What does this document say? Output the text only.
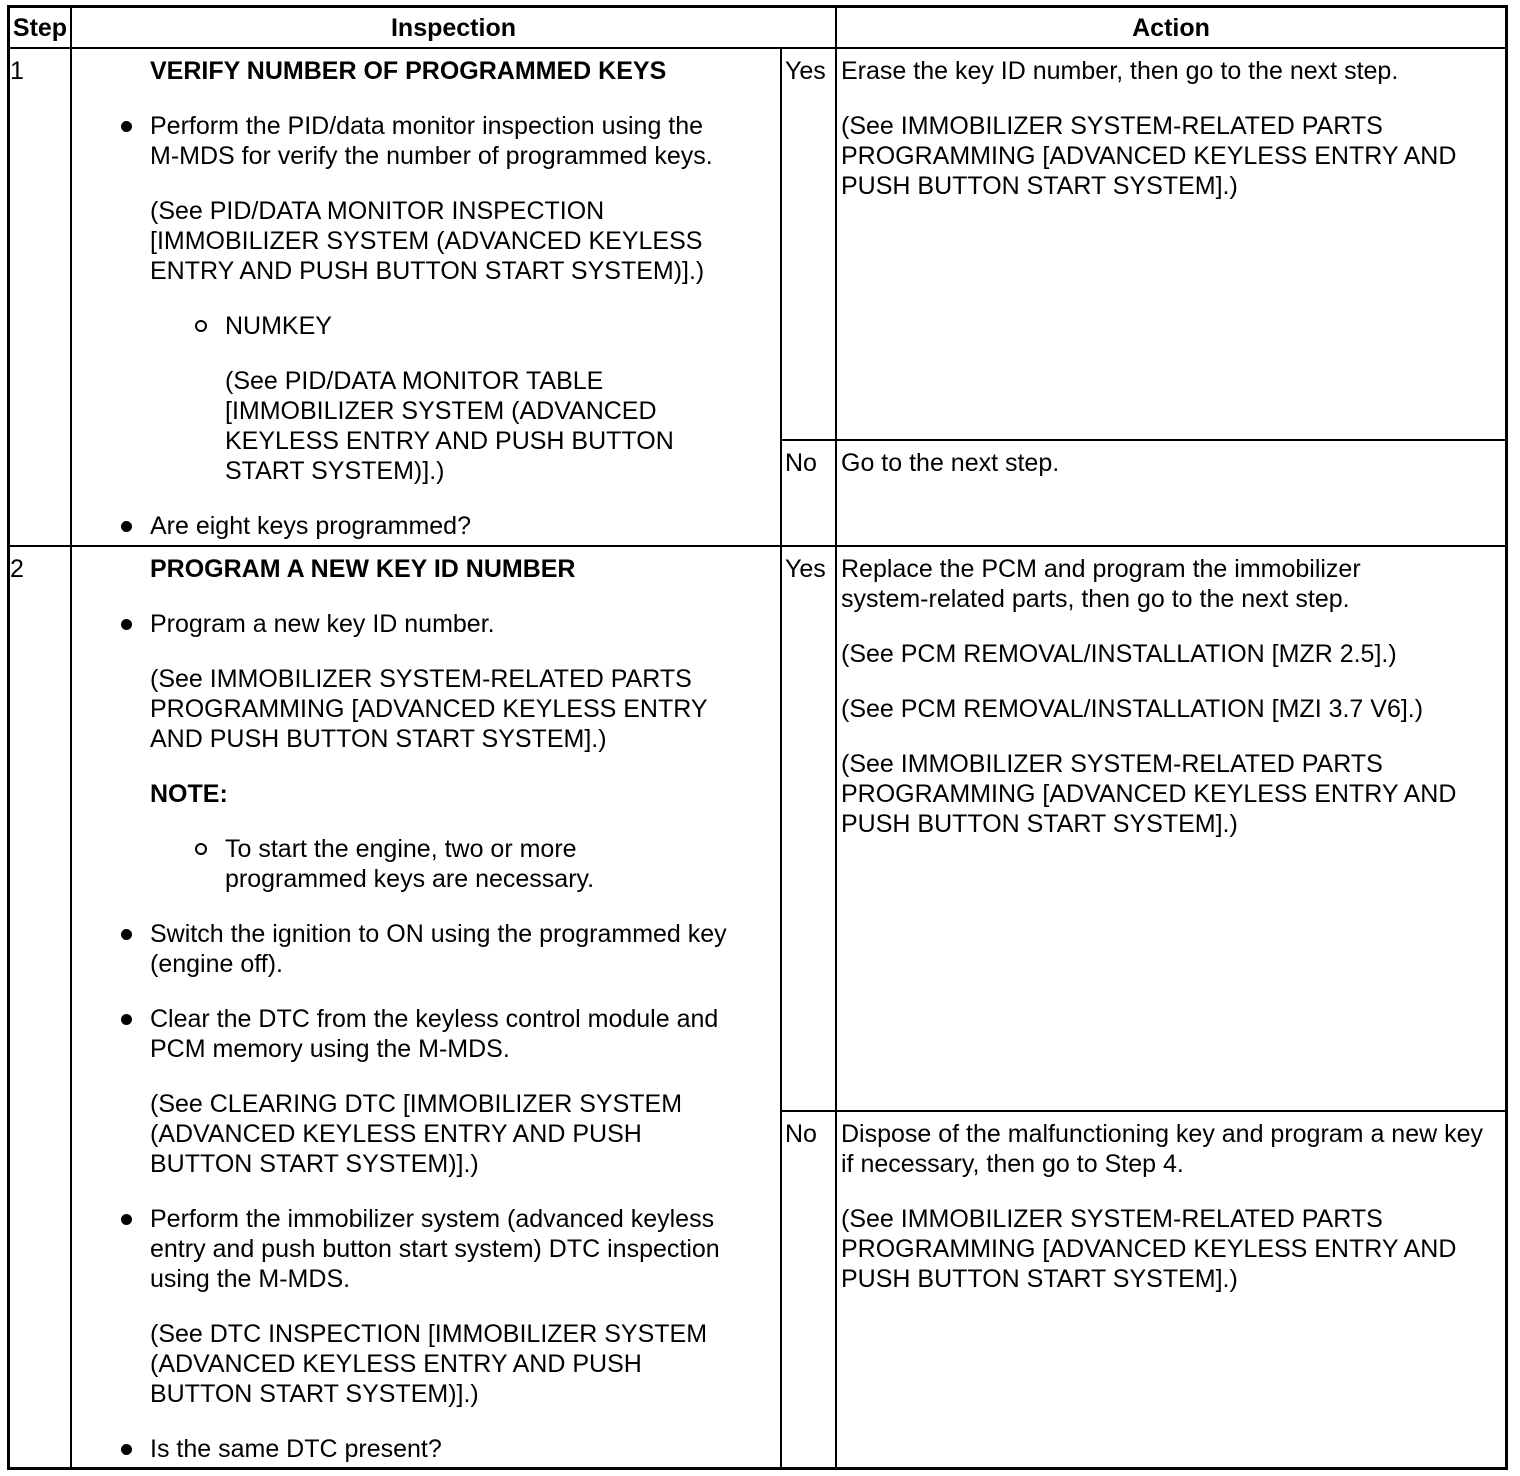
Step	Inspection	Action
1	VERIFY NUMBER OF PROGRAMMED KEYS
Perform the PID/data monitor inspection using the
M-MDS for verify the number of programmed keys.
(See PID/DATA MONITOR INSPECTION
[IMMOBILIZER SYSTEM (ADVANCED KEYLESS
ENTRY AND PUSH BUTTON START SYSTEM)].)
NUMKEY
(See PID/DATA MONITOR TABLE
[IMMOBILIZER SYSTEM (ADVANCED
KEYLESS ENTRY AND PUSH BUTTON
START SYSTEM)].)
Are eight keys programmed?
Yes Erase the key ID number, then go to the next step.
(See IMMOBILIZER SYSTEM-RELATED PARTS
PROGRAMMING [ADVANCED KEYLESS ENTRY AND
PUSH BUTTON START SYSTEM].)
No Go to the next step.
2	PROGRAM A NEW KEY ID NUMBER
Program a new key ID number.
(See IMMOBILIZER SYSTEM-RELATED PARTS
PROGRAMMING [ADVANCED KEYLESS ENTRY
AND PUSH BUTTON START SYSTEM].)
NOTE:
To start the engine, two or more
programmed keys are necessary.
Switch the ignition to ON using the programmed key
(engine off).
Clear the DTC from the keyless control module and
PCM memory using the M-MDS.
(See CLEARING DTC [IMMOBILIZER SYSTEM
(ADVANCED KEYLESS ENTRY AND PUSH
BUTTON START SYSTEM)].)
Perform the immobilizer system (advanced keyless
entry and push button start system) DTC inspection
using the M-MDS.
(See DTC INSPECTION [IMMOBILIZER SYSTEM
(ADVANCED KEYLESS ENTRY AND PUSH
BUTTON START SYSTEM)].)
Is the same DTC present?
Yes Replace the PCM and program the immobilizer
system-related parts, then go to the next step.
(See PCM REMOVAL/INSTALLATION [MZR 2.5].)
(See PCM REMOVAL/INSTALLATION [MZI 3.7 V6].)
(See IMMOBILIZER SYSTEM-RELATED PARTS
PROGRAMMING [ADVANCED KEYLESS ENTRY AND
PUSH BUTTON START SYSTEM].)
No Dispose of the malfunctioning key and program a new key
if necessary, then go to Step 4.
(See IMMOBILIZER SYSTEM-RELATED PARTS
PROGRAMMING [ADVANCED KEYLESS ENTRY AND
PUSH BUTTON START SYSTEM].)
